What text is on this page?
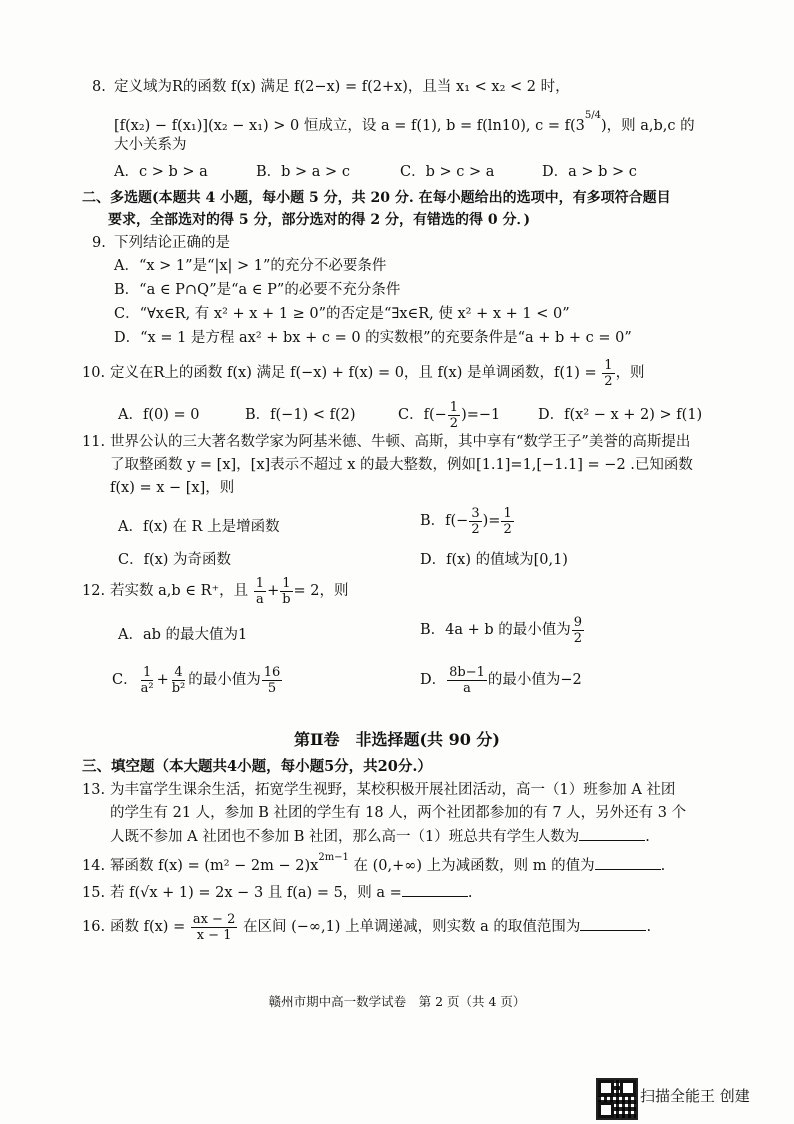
8. 定义域为R的函数 f(x) 满足 f(2−x) = f(2+x)，且当 x₁ < x₂ < 2 时，
[f(x₂) − f(x₁)](x₂ − x₁) > 0 恒成立，设 a = f(1), b = f(ln10), $c = f(3^{5/4})$，则 a,b,c 的
大小关系为
A．c > b > a	B．b > a > c	C．b > c > a	D．a > b > c
二、多选题(本题共 4 小题，每小题 5 分，共 20 分. 在每小题给出的选项中，有多项符合题目
要求，全部选对的得 5 分，部分选对的得 2 分，有错选的得 0 分．)
9. 下列结论正确的是
A．“x > 1”是“|x| > 1”的充分不必要条件
B．“a ∈ P∩Q”是“a ∈ P”的必要不充分条件
C．“∀x∈R, 有 x² + x + 1 ≥ 0”的否定是“∃x∈R, 使 x² + x + 1 < 0”
D．“x = 1 是方程 ax² + bx + c = 0 的实数根”的充要条件是“a + b + c = 0”
10. 定义在R上的函数 f(x) 满足 f(−x) + f(x) = 0，且 f(x) 是单调函数，$f(1) = \frac{1}{2}$ ，则
A．f(0) = 0	B．f(−1) < f(2)	C．$f(- \frac{1}{2} )=-1$	D．f(x² − x + 2) > f(1)
11. 世界公认的三大著名数学家为阿基米德、牛顿、高斯，其中享有“数学王子”美誉的高斯提出
了取整函数 y = [x]，[x]表示不超过 x 的最大整数，例如[1.1]=1,[−1.1] = −2 .已知函数
f(x) = x − [x]，则
A．f(x) 在 R 上是增函数	B．$f(- \frac{3}{2}$ )= $\frac{1}{2}$
C．f(x) 为奇函数	D．f(x) 的值域为[0,1)
12. 若实数 a,b ∈ R⁺，且 $\frac{1}{a} + \frac{1}{b} = 2$，则
A．ab 的最大值为1	B．4a + b 的最小值为 $\frac{9}{2}$
C． $\frac{1}{\text{a²}} + \frac{4}{\text{b²}}$ 的最小值为 $\frac{16}{5}$	D． $\frac{8b-1}{a}$ 的最小值为−2
第Ⅱ卷　非选择题(共 90 分)
三、填空题（本大题共4小题，每小题5分，共20分.）
13. 为丰富学生课余生活，拓宽学生视野，某校积极开展社团活动，高一（1）班参加 A 社团
的学生有 21 人，参加 B 社团的学生有 18 人，两个社团都参加的有 7 人，另外还有 3 个
人既不参加 A 社团也不参加 B 社团，那么高一（1）班总共有学生人数为	.
14. 幂函数 $f(x) = (m^2 - 2m - 2)x^{2m-1}$ 在 (0,+∞) 上为减函数，则 m 的值为	.
15. 若 f(√x + 1) = 2x − 3 且 f(a) = 5，则 a =	.
16. 函数 $f(x) = \frac{ax - 2}{x - 1}$ 在区间 (−∞,1) 上单调递减，则实数 a 的取值范围为	.
赣州市期中高一数学试卷　第 2 页（共 4 页）
扫描全能王 创建
